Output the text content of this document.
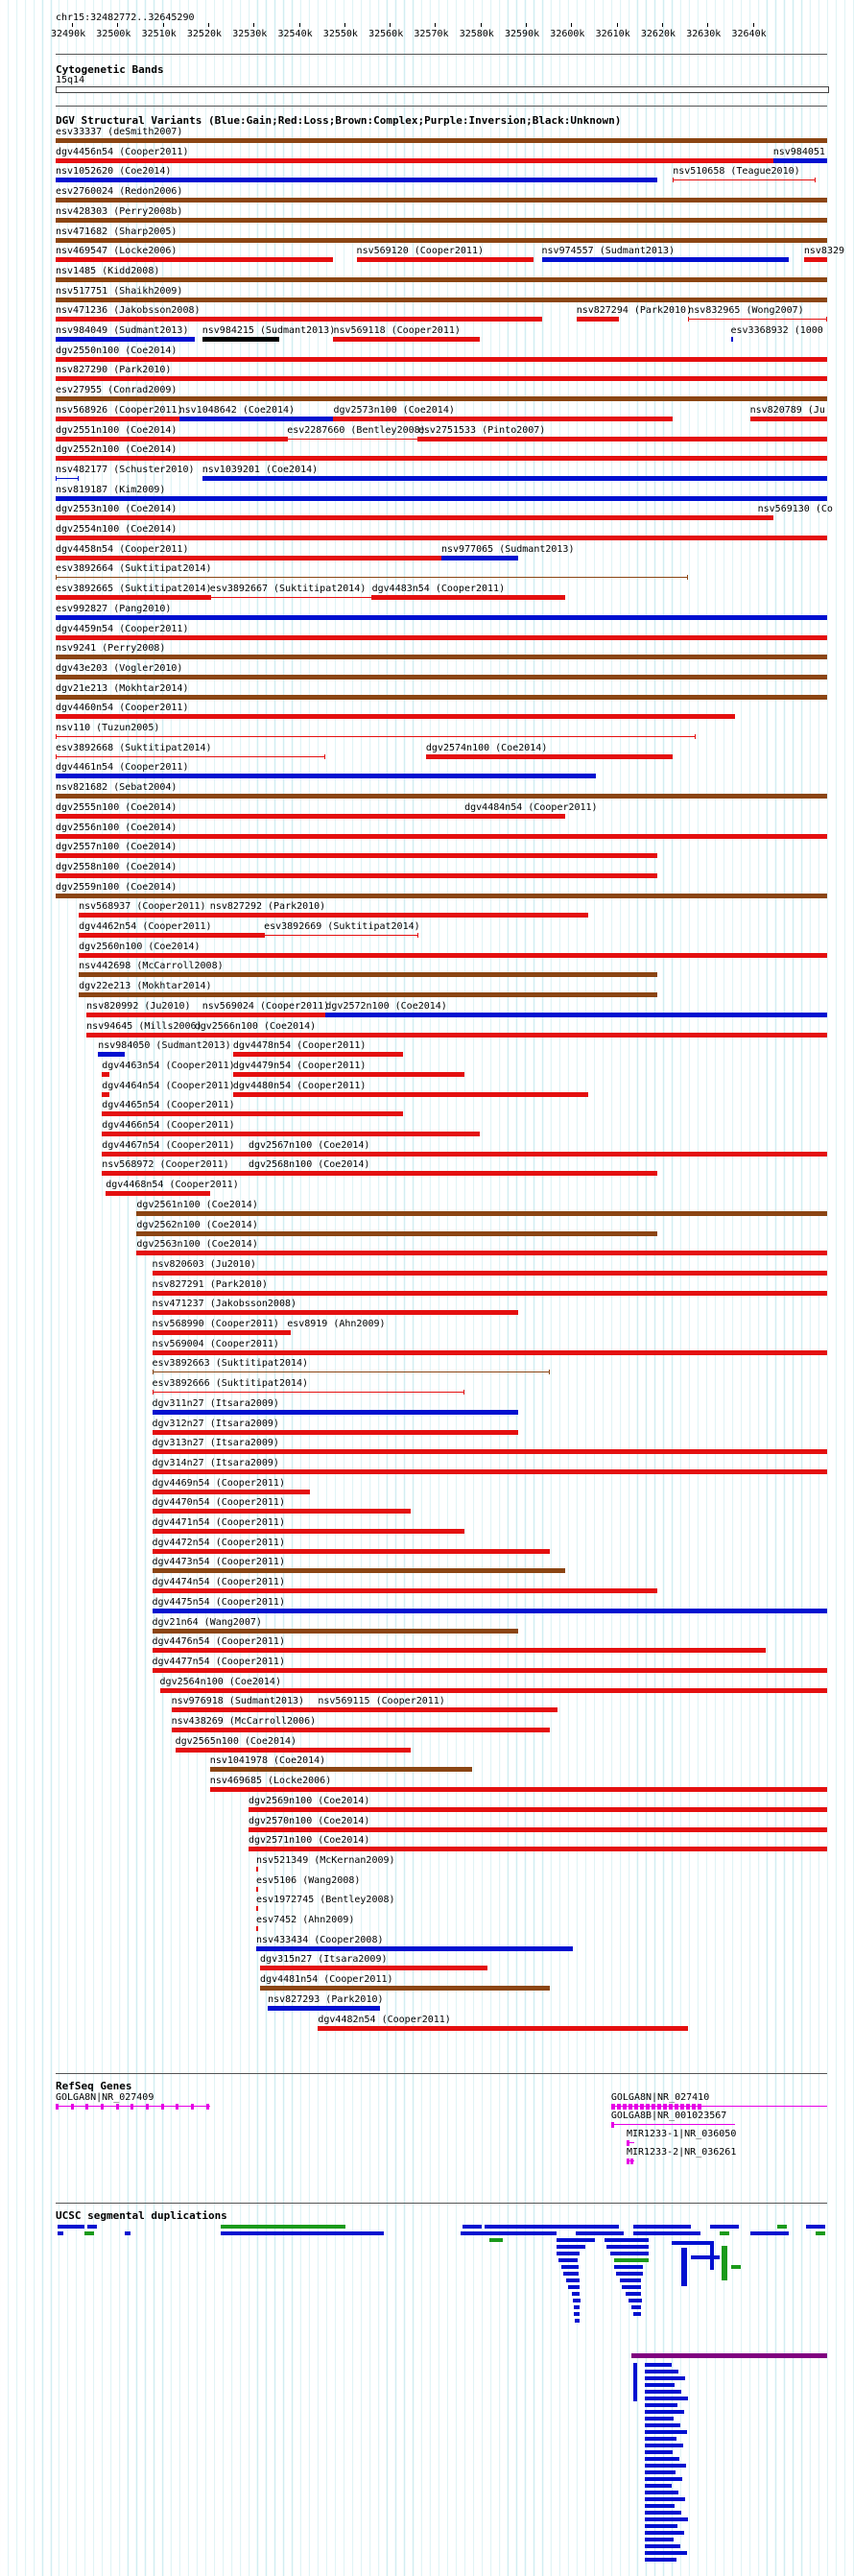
chr15:32482772..32645290

32490k 32500k 32510k 32520k 32530k 32540k 32550k 32560k 32570k 32580k 32590k 32600k 32610k 32620k 32630k 32640k

Cytogenetic Bands

15q14

DGV Structural Variants (Blue:Gain;Red:Loss;Brown:Complex;Purple:Inversion;Black:Unknown)

esv33337 (deSmith2007)

dgv4456n54 (Cooper2011)	nsv984051

nsv1052620 (Coe2014)	nsv510658 (Teague2010)

esv2760024 (Redon2006)

nsv428303 (Perry2008b)

nsv471682 (Sharp2005)

nsv469547 (Locke2006)	nsv569120 (Cooper2011)	nsv974557 (Sudmant2013)	nsv8329

nsv1485 (Kidd2008)

nsv517751 (Shaikh2009)

nsv471236 (Jakobsson2008)	nsv827294 (Park2010)

nsv832965 (Wong2007)

nsv984049 (Sudmant2013) nsv984215 (Sudmant2013)

nsv569118 (Cooper2011)	esv3368932 (1000

dgv2550n100 (Coe2014)

nsv827290 (Park2010)

esv27955 (Conrad2009)

nsv568926 (Cooper2011)

nsv1048642 (Coe2014)	dgv2573n100 (Coe2014)	nsv820789 (Ju

dgv2551n100 (Coe2014)	esv2287660 (Bentley2008)

esv2751533 (Pinto2007)

dgv2552n100 (Coe2014)

nsv482177 (Schuster2010) nsv1039201 (Coe2014)

nsv819187 (Kim2009)

dgv2553n100 (Coe2014)	nsv569130 (Co

dgv2554n100 (Coe2014)

dgv4458n54 (Cooper2011)	nsv977065 (Sudmant2013)

esv3892664 (Suktitipat2014)

esv3892665 (Suktitipat2014)

esv3892667 (Suktitipat2014) dgv4483n54 (Cooper2011)

esv992827 (Pang2010)

dgv4459n54 (Cooper2011)

nsv9241 (Perry2008)

dgv43e203 (Vogler2010)

dgv21e213 (Mokhtar2014)

dgv4460n54 (Cooper2011)

nsv110 (Tuzun2005)

esv3892668 (Suktitipat2014)	dgv2574n100 (Coe2014)

dgv4461n54 (Cooper2011)

nsv821682 (Sebat2004)

dgv2555n100 (Coe2014)	dgv4484n54 (Cooper2011)

dgv2556n100 (Coe2014)

dgv2557n100 (Coe2014)

dgv2558n100 (Coe2014)

dgv2559n100 (Coe2014)

nsv568937 (Cooper2011) nsv827292 (Park2010)

dgv4462n54 (Cooper2011)	esv3892669 (Suktitipat2014)

dgv2560n100 (Coe2014)

nsv442698 (McCarroll2008)

dgv22e213 (Mokhtar2014)

nsv820992 (Ju2010) nsv569024 (Cooper2011)

dgv2572n100 (Coe2014)

nsv94645 (Mills2006)

dgv2566n100 (Coe2014)

nsv984050 (Sudmant2013) dgv4478n54 (Cooper2011)

dgv4463n54 (Cooper2011)

dgv4479n54 (Cooper2011)

dgv4464n54 (Cooper2011)

dgv4480n54 (Cooper2011)

dgv4465n54 (Cooper2011)

dgv4466n54 (Cooper2011)

dgv4467n54 (Cooper2011) dgv2567n100 (Coe2014)

nsv568972 (Cooper2011) dgv2568n100 (Coe2014)

dgv4468n54 (Cooper2011)

dgv2561n100 (Coe2014)

dgv2562n100 (Coe2014)

dgv2563n100 (Coe2014)

nsv820603 (Ju2010)

nsv827291 (Park2010)

nsv471237 (Jakobsson2008)

nsv568990 (Cooper2011) esv8919 (Ahn2009)

nsv569004 (Cooper2011)

esv3892663 (Suktitipat2014)

esv3892666 (Suktitipat2014)

dgv311n27 (Itsara2009)

dgv312n27 (Itsara2009)

dgv313n27 (Itsara2009)

dgv314n27 (Itsara2009)

dgv4469n54 (Cooper2011)

dgv4470n54 (Cooper2011)

dgv4471n54 (Cooper2011)

dgv4472n54 (Cooper2011)

dgv4473n54 (Cooper2011)

dgv4474n54 (Cooper2011)

dgv4475n54 (Cooper2011)

dgv21n64 (Wang2007)

dgv4476n54 (Cooper2011)

dgv4477n54 (Cooper2011)

dgv2564n100 (Coe2014)

nsv976918 (Sudmant2013) nsv569115 (Cooper2011)

nsv438269 (McCarroll2006)

dgv2565n100 (Coe2014)

nsv1041978 (Coe2014)

nsv469685 (Locke2006)

dgv2569n100 (Coe2014)

dgv2570n100 (Coe2014)

dgv2571n100 (Coe2014)

nsv521349 (McKernan2009)

esv5106 (Wang2008)

esv1972745 (Bentley2008)

esv7452 (Ahn2009)

nsv433434 (Cooper2008)

dgv315n27 (Itsara2009)

dgv4481n54 (Cooper2011)

nsv827293 (Park2010)

dgv4482n54 (Cooper2011)

RefSeq Genes

GOLGA8N|NR_027409	GOLGA8N|NR_027410

GOLGA8B|NR_001023567

MIR1233-1|NR_036050

MIR1233-2|NR_036261

UCSC segmental duplications
